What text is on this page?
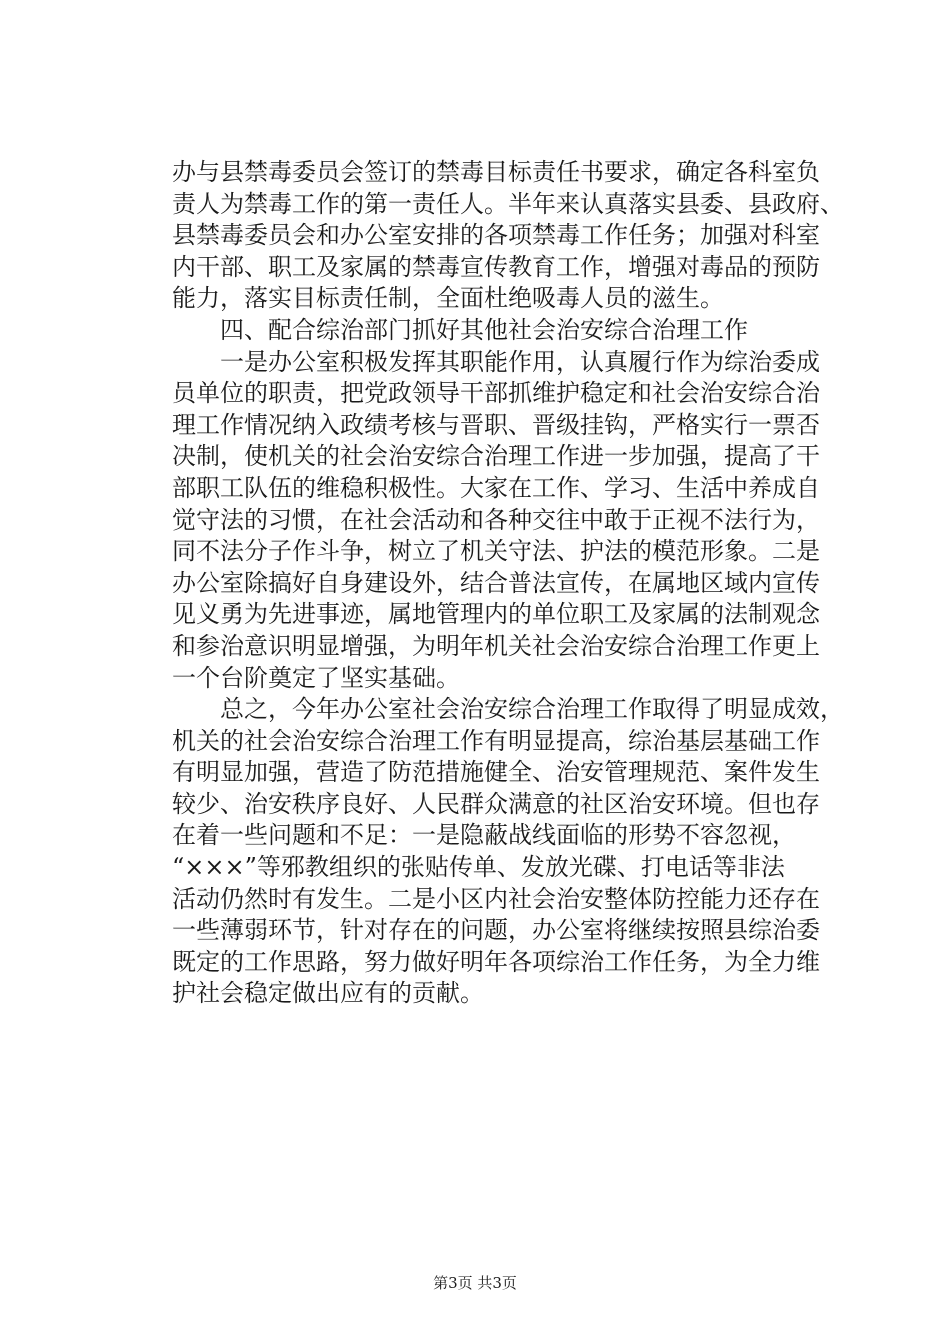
办与县禁毒委员会签订的禁毒目标责任书要求，确定各科室负
责人为禁毒工作的第一责任人。半年来认真落实县委、县政府、
县禁毒委员会和办公室安排的各项禁毒工作任务；加强对科室
内干部、职工及家属的禁毒宣传教育工作，增强对毒品的预防
能力，落实目标责任制，全面杜绝吸毒人员的滋生。
　　四、配合综治部门抓好其他社会治安综合治理工作
　　一是办公室积极发挥其职能作用，认真履行作为综治委成
员单位的职责，把党政领导干部抓维护稳定和社会治安综合治
理工作情况纳入政绩考核与晋职、晋级挂钩，严格实行一票否
决制，使机关的社会治安综合治理工作进一步加强，提高了干
部职工队伍的维稳积极性。大家在工作、学习、生活中养成自
觉守法的习惯，在社会活动和各种交往中敢于正视不法行为，
同不法分子作斗争，树立了机关守法、护法的模范形象。二是
办公室除搞好自身建设外，结合普法宣传，在属地区域内宣传
见义勇为先进事迹，属地管理内的单位职工及家属的法制观念
和参治意识明显增强，为明年机关社会治安综合治理工作更上
一个台阶奠定了坚实基础。
　　总之，今年办公室社会治安综合治理工作取得了明显成效，
机关的社会治安综合治理工作有明显提高，综治基层基础工作
有明显加强，营造了防范措施健全、治安管理规范、案件发生
较少、治安秩序良好、人民群众满意的社区治安环境。但也存
在着一些问题和不足：一是隐蔽战线面临的形势不容忽视，
“×××”等邪教组织的张贴传单、发放光碟、打电话等非法
活动仍然时有发生。二是小区内社会治安整体防控能力还存在
一些薄弱环节，针对存在的问题，办公室将继续按照县综治委
既定的工作思路，努力做好明年各项综治工作任务，为全力维
护社会稳定做出应有的贡献。
第3页 共3页
